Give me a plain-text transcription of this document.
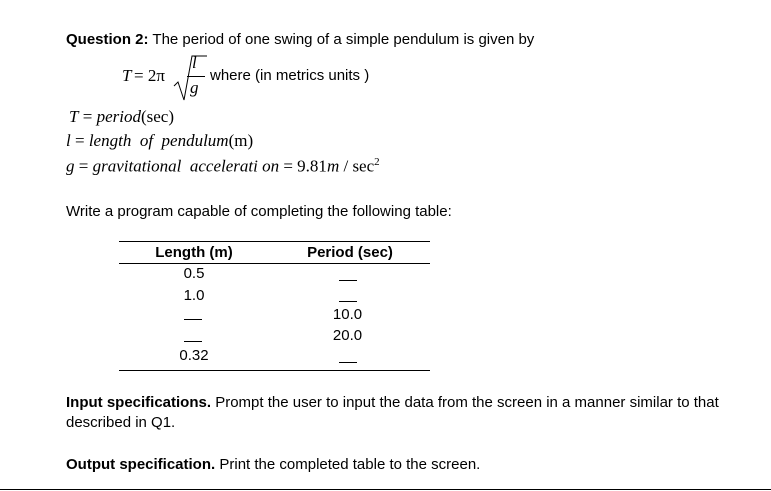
Question 2: The period of one swing of a simple pendulum is given by
T = 2π
l
g
where (in metrics units )
T = period(sec)
l = length  of  pendulum(m)
g = gravitational  accelerati on = $9.81m / \sec^2$
Write a program capable of completing the following table:
Length (m)	Period (sec)
0.5
1.0
0.32
10.0
20.0
Input specifications. Prompt the user to input the data from the screen in a manner similar to that
described in Q1.
Output specification. Print the completed table to the screen.
